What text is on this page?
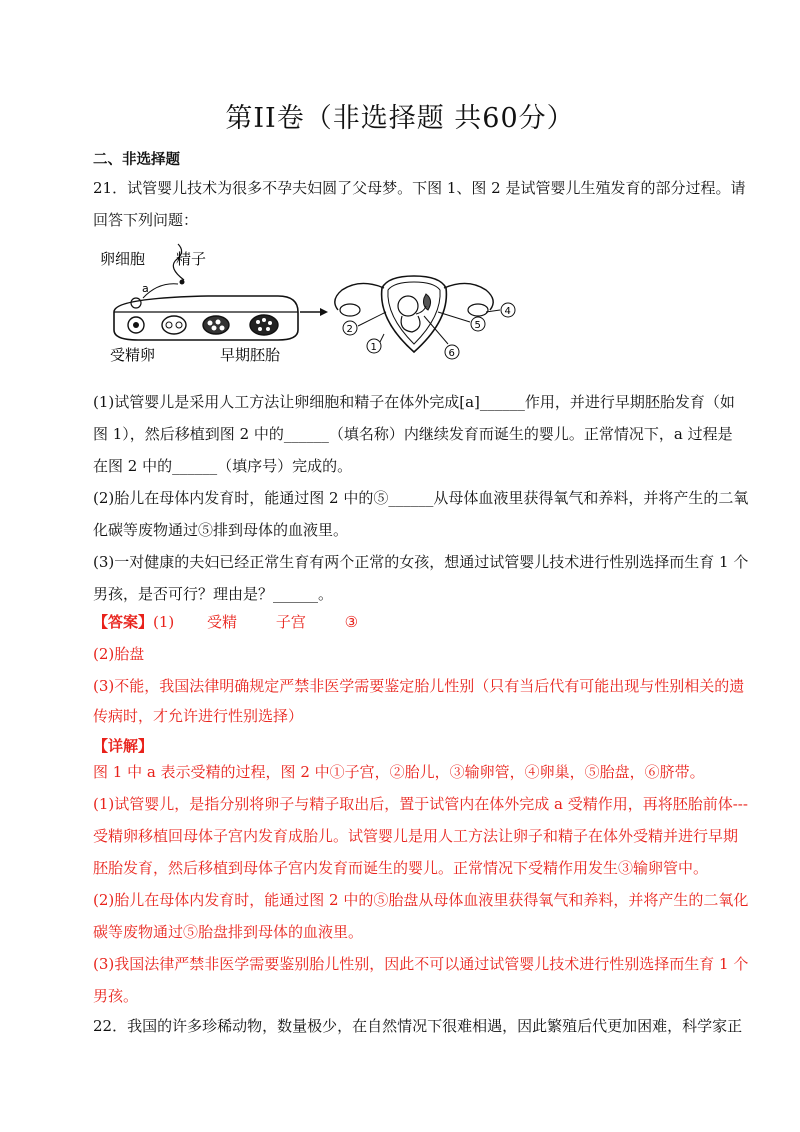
第II卷（非选择题 共60分）
二、非选择题
21．试管婴儿技术为很多不孕夫妇圆了父母梦。下图 1、图 2 是试管婴儿生殖发育的部分过程。请
回答下列问题：
a
卵细胞 精子
受精卵	早期胚胎
2
1
4
5
6
(1)试管婴儿是采用人工方法让卵细胞和精子在体外完成[a]______作用，并进行早期胚胎发育（如
图 1），然后移植到图 2 中的______（填名称）内继续发育而诞生的婴儿。正常情况下，a 过程是
在图 2 中的______（填序号）完成的。
(2)胎儿在母体内发育时，能通过图 2 中的⑤______从母体血液里获得氧气和养料，并将产生的二氧
化碳等废物通过⑤排到母体的血液里。
(3)一对健康的夫妇已经正常生育有两个正常的女孩，想通过试管婴儿技术进行性别选择而生育 1 个
男孩，是否可行？理由是？______。
【答案】(1) 受精	子宫	③
(2)胎盘
(3)不能，我国法律明确规定严禁非医学需要鉴定胎儿性别（只有当后代有可能出现与性别相关的遗
传病时，才允许进行性别选择）
【详解】
图 1 中 a 表示受精的过程，图 2 中①子宫，②胎儿，③输卵管，④卵巢，⑤胎盘，⑥脐带。
(1)试管婴儿，是指分别将卵子与精子取出后，置于试管内在体外完成 a 受精作用，再将胚胎前体---
受精卵移植回母体子宫内发育成胎儿。试管婴儿是用人工方法让卵子和精子在体外受精并进行早期
胚胎发育，然后移植到母体子宫内发育而诞生的婴儿。正常情况下受精作用发生③输卵管中。
(2)胎儿在母体内发育时，能通过图 2 中的⑤胎盘从母体血液里获得氧气和养料，并将产生的二氧化
碳等废物通过⑤胎盘排到母体的血液里。
(3)我国法律严禁非医学需要鉴别胎儿性别，因此不可以通过试管婴儿技术进行性别选择而生育 1 个
男孩。
22．我国的许多珍稀动物，数量极少，在自然情况下很难相遇，因此繁殖后代更加困难，科学家正
